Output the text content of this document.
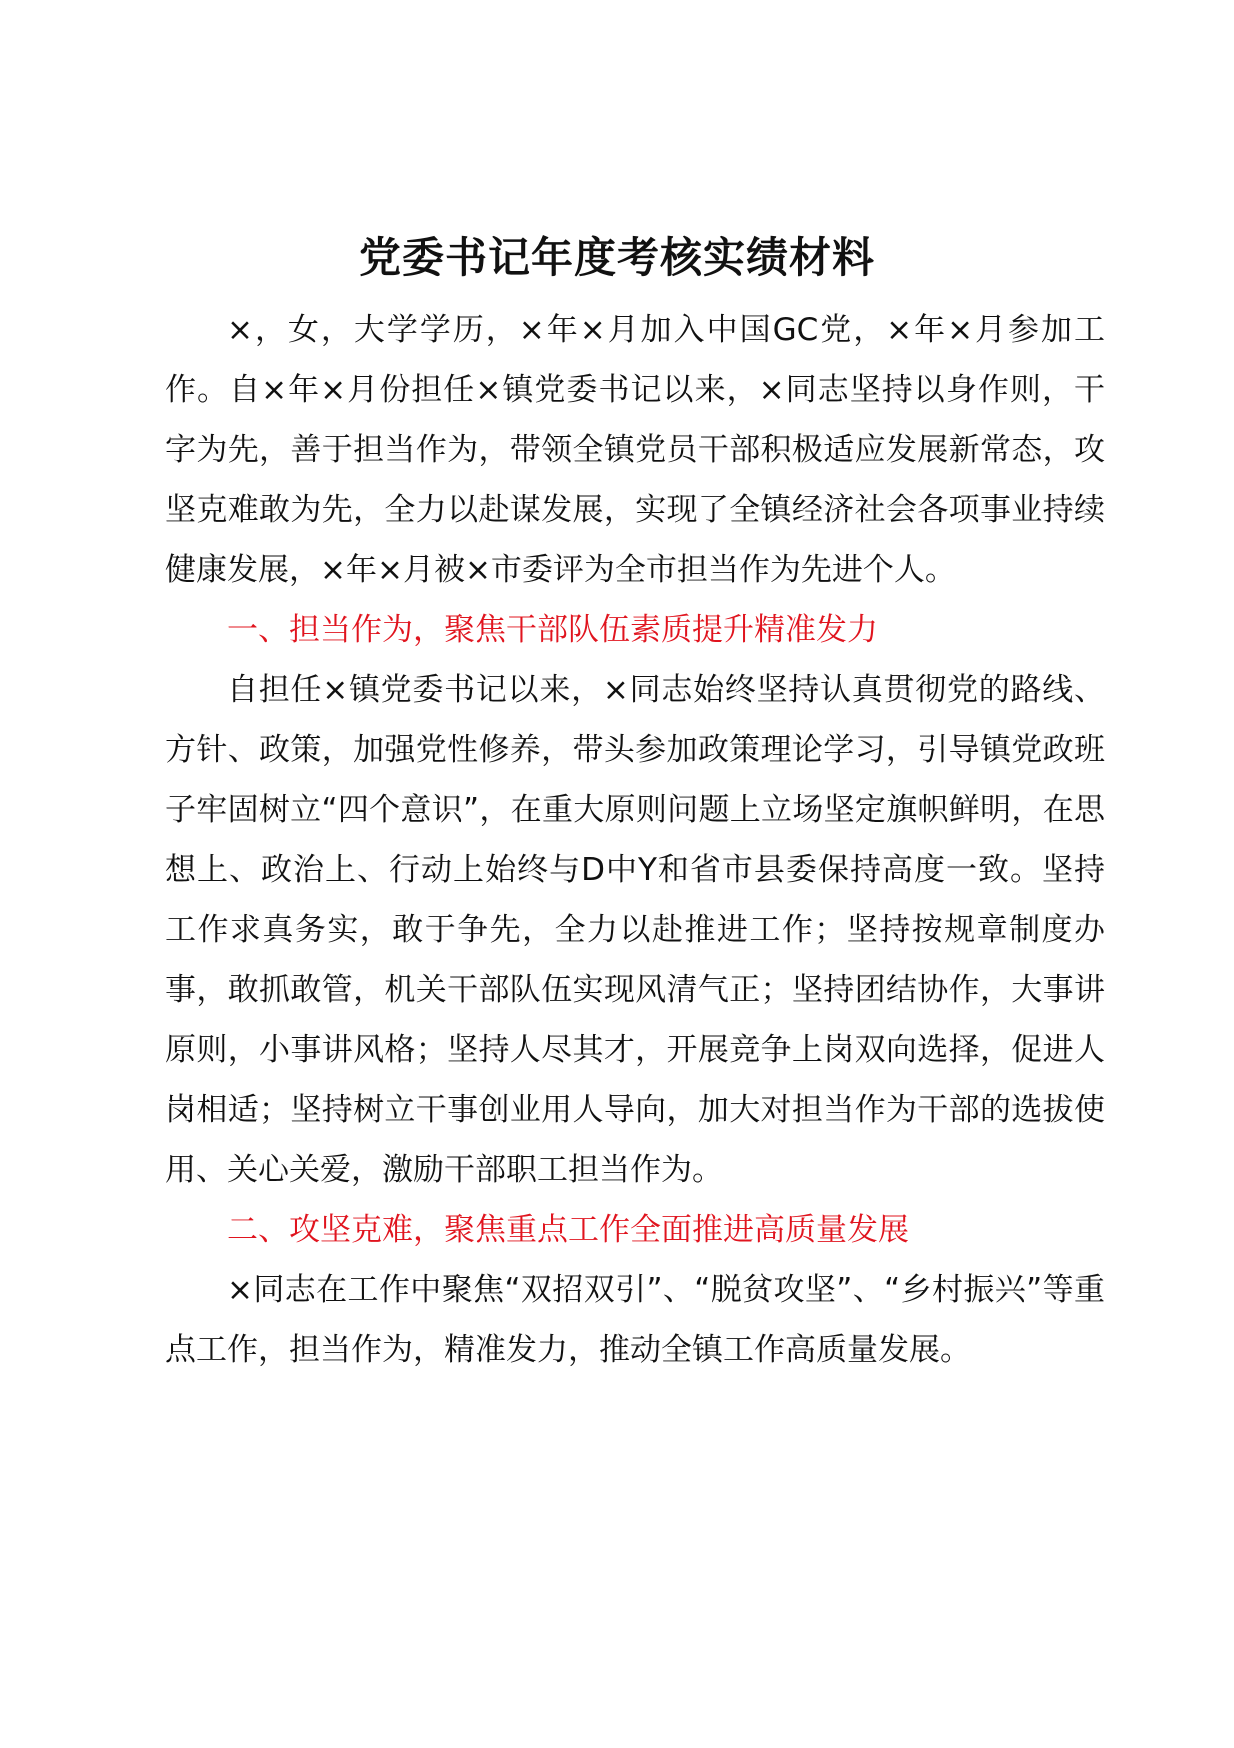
党委书记年度考核实绩材料

×，女，大学学历，×年×月加入中国GC党，×年×月参加工作。自×年×月份担任×镇党委书记以来，×同志坚持以身作则，干字为先，善于担当作为，带领全镇党员干部积极适应发展新常态，攻坚克难敢为先，全力以赴谋发展，实现了全镇经济社会各项事业持续健康发展，×年×月被×市委评为全市担当作为先进个人。

一、担当作为，聚焦干部队伍素质提升精准发力

自担任×镇党委书记以来，×同志始终坚持认真贯彻党的路线、方针、政策，加强党性修养，带头参加政策理论学习，引导镇党政班子牢固树立“四个意识”，在重大原则问题上立场坚定旗帜鲜明，在思想上、政治上、行动上始终与D中Y和省市县委保持高度一致。坚持工作求真务实，敢于争先，全力以赴推进工作；坚持按规章制度办事，敢抓敢管，机关干部队伍实现风清气正；坚持团结协作，大事讲原则，小事讲风格；坚持人尽其才，开展竞争上岗双向选择，促进人岗相适；坚持树立干事创业用人导向，加大对担当作为干部的选拔使用、关心关爱，激励干部职工担当作为。

二、攻坚克难，聚焦重点工作全面推进高质量发展

×同志在工作中聚焦“双招双引”、“脱贫攻坚”、“乡村振兴”等重点工作，担当作为，精准发力，推动全镇工作高质量发展。
